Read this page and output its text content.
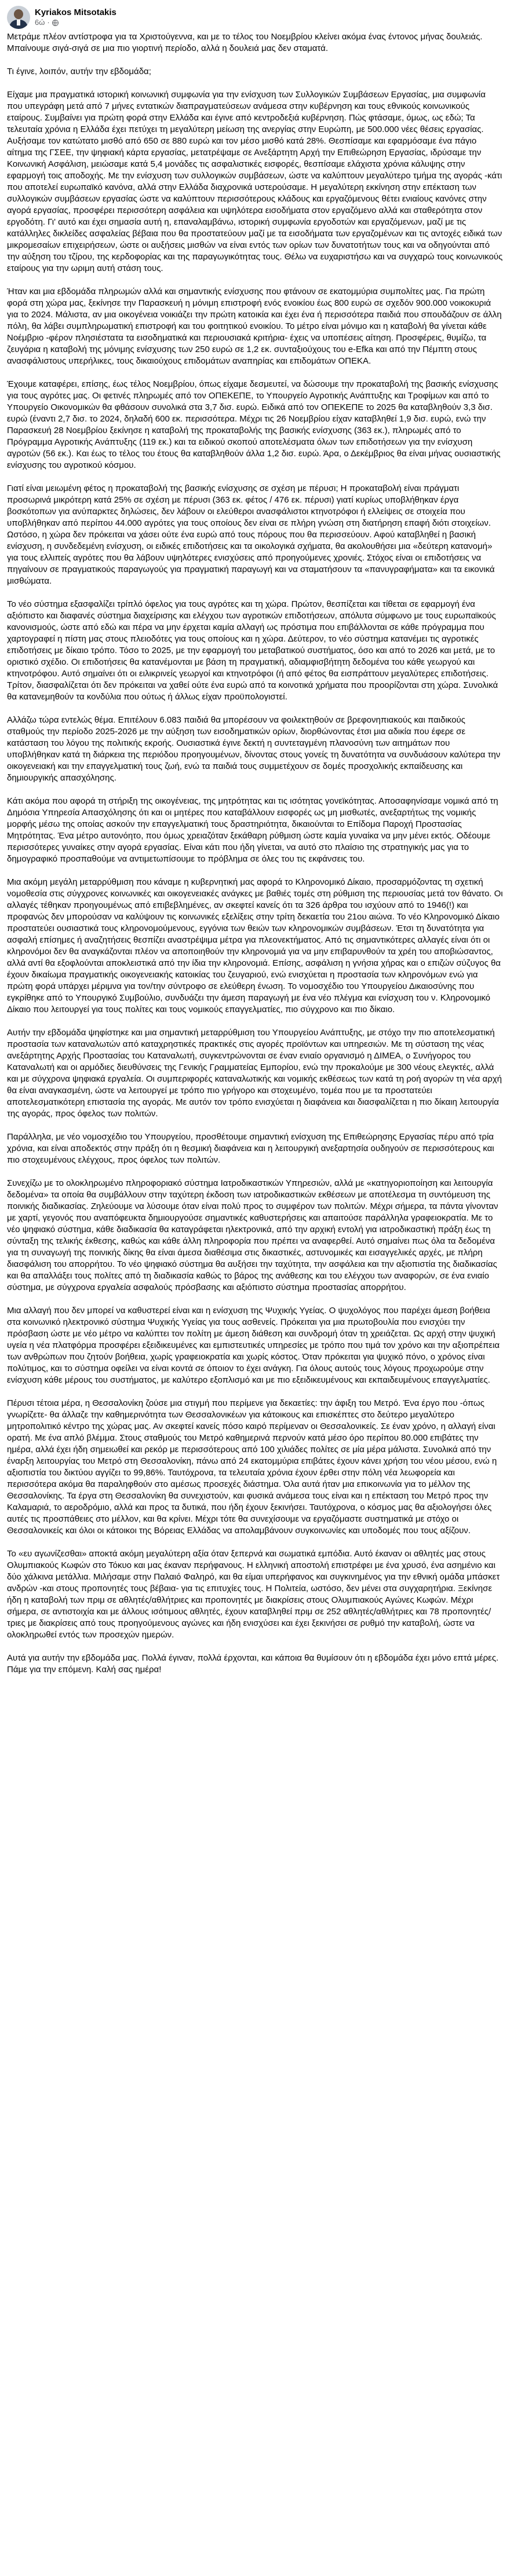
Kyriakos Mitsotakis
6ώ ·

Μετράμε πλέον αντίστροφα για τα Χριστούγεννα, και με το τέλος του Νοεμβρίου κλείνει ακόμα ένας έντονος μήνας δουλειάς. Μπαίνουμε σιγά-σιγά σε μια πιο γιορτινή περίοδο, αλλά η δουλειά μας δεν σταματά.

Τι έγινε, λοιπόν, αυτήν την εβδομάδα;

Είχαμε μια πραγματικά ιστορική κοινωνική συμφωνία για την ενίσχυση των Συλλογικών Συμβάσεων Εργασίας, μια συμφωνία που υπεγράφη μετά από 7 μήνες εντατικών διαπραγματεύσεων ανάμεσα στην κυβέρνηση και τους εθνικούς κοινωνικούς εταίρους. Συμβαίνει για πρώτη φορά στην Ελλάδα και έγινε από κεντροδεξιά κυβέρνηση. Πώς φτάσαμε, όμως, ως εδώ; Τα τελευταία χρόνια η Ελλάδα έχει πετύχει τη μεγαλύτερη μείωση της ανεργίας στην Ευρώπη, με 500.000 νέες θέσεις εργασίας. Αυξήσαμε τον κατώτατο μισθό από 650 σε 880 ευρώ και τον μέσο μισθό κατά 28%. Θεσπίσαμε και εφαρμόσαμε ένα πάγιο αίτημα της ΓΣΕΕ, την ψηφιακή κάρτα εργασίας, μετατρέψαμε σε Ανεξάρτητη Αρχή την Επιθεώρηση Εργασίας, ιδρύσαμε την Κοινωνική Ασφάλιση, μειώσαμε κατά 5,4 μονάδες τις ασφαλιστικές εισφορές, θεσπίσαμε ελάχιστα χρόνια κάλυψης στην εφαρμογή τοις αποδοχής. Με την ενίσχυση των συλλογικών συμβάσεων, ώστε να καλύπτουν μεγαλύτερο τμήμα της αγοράς -κάτι που αποτελεί ευρωπαϊκό κανόνα, αλλά στην Ελλάδα διαχρονικά υστερούσαμε. Η μεγαλύτερη εκκίνηση στην επέκταση των συλλογικών συμβάσεων εργασίας ώστε να καλύπτουν περισσότερους κλάδους και εργαζόμενους θέτει ενιαίους κανόνες στην αγορά εργασίας, προσφέρει περισσότερη ασφάλεια και υψηλότερα εισοδήματα στον εργαζόμενο αλλά και σταθερότητα στον εργοδότη. Γι' αυτό και έχει σημασία αυτή η, επαναλαμβάνω, ιστορική συμφωνία εργοδοτών και εργαζόμενων, μαζί με τις κατάλληλες δικλείδες ασφαλείας βέβαια που θα προστατεύουν μαζί με τα εισοδήματα των εργαζομένων και τις αντοχές ειδικά των μικρομεσαίων επιχειρήσεων, ώστε οι αυξήσεις μισθών να είναι εντός των ορίων των δυνατοτήτων τους και να οδηγούνται από την αύξηση του τζίρου, της κερδοφορίας και της παραγωγικότητας τους. Θέλω να ευχαριστήσω και να συγχαρώ τους κοινωνικούς εταίρους για την ωριμη αυτή στάση τους.

Ήταν και μια εβδομάδα πληρωμών αλλά και σημαντικής ενίσχυσης που φτάνουν σε εκατομμύρια συμπολίτες μας. Για πρώτη φορά στη χώρα μας, ξεκίνησε την Παρασκευή η μόνιμη επιστροφή ενός ενοικίου έως 800 ευρώ σε σχεδόν 900.000 νοικοκυριά για το 2024. Μάλιστα, αν μια οικογένεια νοικιάζει την πρώτη κατοικία και έχει ένα ή περισσότερα παιδιά που σπουδάζουν σε άλλη πόλη, θα λάβει συμπληρωματική επιστροφή και του φοιτητικού ενοικίου. Το μέτρο είναι μόνιμο και η καταβολή θα γίνεται κάθε Νοέμβριο -φέρον πλησιέστατα τα εισοδηματικά και περιουσιακά κριτήρια- έχεις να υποπέσεις αίτηση. Προσφέρεις, θυμίζω, τα ζευγάρια η καταβολή της μόνιμης ενίσχυσης των 250 ευρώ σε 1,2 εκ. συνταξιούχους του e-Efka και από την Πέμπτη στους ανασφάλιστους υπερήλικες, τους δικαιούχους επιδομάτων αναπηρίας και επιδομάτων ΟΠΕΚΑ.

Έχουμε καταφέρει, επίσης, έως τέλος Νοεμβρίου, όπως είχαμε δεσμευτεί, να δώσουμε την προκαταβολή της βασικής ενίσχυσης για τους αγρότες μας. Οι φετινές πληρωμές από τον ΟΠΕΚΕΠΕ, το Υπουργείο Αγροτικής Ανάπτυξης και Τροφίμων και από το Υπουργείο Οικονομικών θα φθάσουν συνολικά στα 3,7 δισ. ευρώ. Ειδικά από τον ΟΠΕΚΕΠΕ το 2025 θα καταβληθούν 3,3 δισ. ευρώ (έναντι 2,7 δισ. το 2024, δηλαδή 600 εκ. περισσότερα. Μέχρι τις 26 Νοεμβρίου είχαν καταβληθεί 1,9 δισ. ευρώ, ενώ την Παρασκευή 28 Νοεμβρίου ξεκίνησε η καταβολή της προκαταβολής της βασικής ενίσχυσης (363 εκ.), πληρωμές από το Πρόγραμμα Αγροτικής Ανάπτυξης (119 εκ.) και τα ειδικού σκοπού αποτελέσματα όλων των επιδοτήσεων για την ενίσχυση αγροτών (56 εκ.). Και έως το τέλος του έτους θα καταβληθούν άλλα 1,2 δισ. ευρώ. Άρα, ο Δεκέμβριος θα είναι μήνας ουσιαστικής ενίσχυσης του αγροτικού κόσμου.

Γιατί είναι μειωμένη φέτος η προκαταβολή της βασικής ενίσχυσης σε σχέση με πέρυσι; Η προκαταβολή είναι πράγματι προσωρινά μικρότερη κατά 25% σε σχέση με πέρυσι (363 εκ. φέτος / 476 εκ. πέρυσι) γιατί κυρίως υποβλήθηκαν έργα βοσκότοπων για ανύπαρκτες δηλώσεις, δεν λάβουν οι ελεύθεροι ανασφάλιστοι κτηνοτρόφοι ή ελλείψεις σε στοιχεία που υποβλήθηκαν από περίπου 44.000 αγρότες για τους οποίους δεν είναι σε πλήρη γνώση στη διατήρηση επαφή διότι στοιχείων. Ωστόσο, η χώρα δεν πρόκειται να χάσει ούτε ένα ευρώ από τους πόρους που θα περισσεύουν. Αφού καταβληθεί η βασική ενίσχυση, η συνδεδεμένη ενίσχυση, οι ειδικές επιδοτήσεις και τα οικολογικά σχήματα, θα ακολουθήσει μια «δεύτερη κατανομή» για τους ελλιπείς αγρότες που θα λάβουν υψηλότερες ενισχύσεις από προηγούμενες χρονιές. Στόχος είναι οι επιδοτήσεις να πηγαίνουν σε πραγματικούς παραγωγούς για πραγματική παραγωγή και να σταματήσουν τα «πανυγραφήματα» και τα εικονικά μισθώματα.

Το νέο σύστημα εξασφαλίζει τρίπλό όφελος για τους αγρότες και τη χώρα. Πρώτον, θεσπίζεται και τίθεται σε εφαρμογή ένα αξιόπιστο και διαφανές σύστημα διαχείρισης και ελέγχου των αγροτικών επιδοτήσεων, απόλυτα σύμφωνο με τους ευρωπαϊκούς κανονισμούς, ώστε από εδώ και πέρα να μην έρχεται καμία αλλαγή ως πρόστιμα που επιβάλλονται σε κάθε πρόγραμμα που χαρτογραφεί η πίστη μας στους πλειοδότες για τους οποίους και η χώρα. Δεύτερον, το νέο σύστημα κατανέμει τις αγροτικές επιδοτήσεις με δίκαιο τρόπο. Τόσο το 2025, με την εφαρμογή του μεταβατικού συστήματος, όσο και από το 2026 και μετά, με το οριστικό σχέδιο. Οι επιδοτήσεις θα κατανέμονται με βάση τη πραγματική, αδιαμφισβήτητη δεδομένα του κάθε γεωργού και κτηνοτρόφου. Αυτό σημαίνει ότι οι ειλικρινείς γεωργοί και κτηνοτρόφοι (ή από φέτος θα εισπράττουν μεγαλύτερες επιδοτήσεις. Τρίτον, διασφαλίζεται ότι δεν πρόκειται να χαθεί ούτε ένα ευρώ από τα κοινοτικά χρήματα που προορίζονται στη χώρα. Συνολικά θα κατανεμηθούν τα κονδύλια που ούτως ή άλλως είχαν προϋπολογιστεί.

Αλλάζω τώρα εντελώς θέμα. Επιτέλουν 6.083 παιδιά θα μπορέσουν να φοιλεκτηθούν σε βρεφονηπιακούς και παιδικούς σταθμούς την περίοδο 2025-2026 με την αύξηση των εισοδηματικών ορίων, διορθώνοντας έτσι μια αδικία που έφερε σε κατάσταση του λόγου της πολιτικής εκροής. Ουσιαστικά έγινε δεκτή η συντεταγμένη πλανοσύνη των αιτημάτων που υποβλήθηκαν κατά τη διάρκεια της περιόδου προηγουμένων, δίνοντας στους γονείς τη δυνατότητα να συνδυάσουν καλύτερα την οικογενειακή και την επαγγελματική τους ζωή, ενώ τα παιδιά τους συμμετέχουν σε δομές προσχολικής εκπαίδευσης και δημιουργικής απασχόλησης.

Κάτι ακόμα που αφορά τη στήριξη της οικογένειας, της μητρότητας και τις ισότητας γονεϊκότητας. Αποσαφηνίσαμε νομικά από τη Δημόσια Υπηρεσία Απασχόλησης ότι και οι μητέρες που καταβάλλουν εισφορές ως μη μισθωτές, ανεξαρτήτως της νομικής μορφής μέσω της οποίας ασκούν την επαγγελματική τους δραστηριότητα, δικαιούνται το Επίδομα Παροχή Προστασίας Μητρότητας. Ένα μέτρο αυτονόητο, που όμως χρειαζόταν ξεκάθαρη ρύθμιση ώστε καμία γυναίκα να μην μένει εκτός. Οδέουμε περισσότερες γυναίκες στην αγορά εργασίας. Είναι κάτι που ήδη γίνεται, να αυτό στο πλαίσιο της στρατηγικής μας για το δημογραφικό προσπαθούμε να αντιμετωπίσουμε το πρόβλημα σε όλες του τις εκφάνσεις του.

Μια ακόμη μεγάλη μεταρρύθμιση που κάναμε η κυβερνητική μας αφορά το Κληρονομικό Δίκαιο, προσαρμόζοντας τη σχετική νομοθεσία στις σύγχρονες κοινωνικές και οικογενειακές ανάγκες με βαθιές τομές στη ρύθμιση της περιουσίας μετά τον θάνατο. Οι αλλαγές τέθηκαν προηγουμένως από επιβεβλημένες, αν σκεφτεί κανείς ότι τα 326 άρθρα του ισχύουν από το 1946(!) και προφανώς δεν μπορούσαν να καλύψουν τις κοινωνικές εξελίξεις στην τρίτη δεκαετία του 21ου αιώνα. Το νέο Κληρονομικό Δίκαιο προστατεύει ουσιαστικά τους κληρονομούμενους, εγγόνια των θειών των κληρονομικών συμβάσεων. Έτσι τη δυνατότητα για ασφαλή επίσημες ή αναζητήσεις θεσπίζει αναστρέψιμα μέτρα για πλεονεκτήματος. Από τις σημαντικότερες αλλαγές είναι ότι οι κληρονόμοι δεν θα αναγκάζονται πλέον να αποποιηθούν την κληρονομιά για να μην επιβαρυνθούν τα χρέη του αποβιώσαντος, αλλά αντί θα εξοφλούνται αποκλειστικά από την ίδια την κληρονομιά. Επίσης, ασφάλιση η γνήσια χήρας και ο επιζών σύζυγος θα έχουν δικαίωμα πραγματικής οικογενειακής κατοικίας του ζευγαριού, ενώ ενισχύεται η προστασία των κληρονόμων ενώ για πρώτη φορά υπάρχει μέριμνα για τον/την σύντροφο σε ελεύθερη ένωση. Το νομοσχέδιο του Υπουργείου Δικαιοσύνης που εγκρίθηκε από το Υπουργικό Συμβούλιο, συνδυάζει την άμεση παραγωγή με ένα νέο πλέγμα και ενίσχυση του ν. Κληρονομικό Δίκαιο που λειτουργεί για τους πολίτες και τους νομικούς επαγγελματίες, πιο σύγχρονο και πιο δίκαιο.

Αυτήν την εβδομάδα ψηφίστηκε και μια σημαντική μεταρρύθμιση του Υπουργείου Ανάπτυξης, με στόχο την πιο αποτελεσματική προστασία των καταναλωτών από καταχρηστικές πρακτικές στις αγορές προϊόντων και υπηρεσιών. Με τη σύσταση της νέας ανεξάρτητης Αρχής Προστασίας του Καταναλωτή, συγκεντρώνονται σε έναν ενιαίο οργανισμό η ΔΙΜΕΑ, ο Συνήγορος του Καταναλωτή και οι αρμόδιες διευθύνσεις της Γενικής Γραμματείας Εμπορίου, ενώ την προκαλούμε με 300 νέους ελεγκτές, αλλά και με σύγχρονα ψηφιακά εργαλεία. Οι συμπεριφορές καταναλωτικής και νομικής εκθέσεως των κατά τη ροή αγορών τη νέα αρχή θα είναι αναγκασμένη, ώστε να λειτουργεί με τρόπο πιο γρήγορο και στοχευμένο, τομέα που με τα προστατεύει αποτελεσματικότερη επιστασία της αγοράς. Με αυτόν τον τρόπο ενισχύεται η διαφάνεια και διασφαλίζεται η πιο δίκαιη λειτουργία της αγοράς, προς όφελος των πολιτών.

Παράλληλα, με νέο νομοσχέδιο του Υπουργείου, προσθέτουμε σημαντική ενίσχυση της Επιθεώρησης Εργασίας πέρυ από τρία χρόνια, και είναι αποδεκτός στην πράξη ότι η θεσμική διαφάνεια και η λειτουργική ανεξαρτησία ουδηγούν σε περισσότερους και πιο στοχευμένους ελέγχους, προς όφελος των πολιτών.

Συνεχίζω με το ολοκληρωμένο πληροφοριακό σύστημα Ιατροδικαστικών Υπηρεσιών, αλλά με «κατηγοριοποίηση και λειτουργία δεδομένα» τα οποία θα συμβάλλουν στην ταχύτερη έκδοση των ιατροδικαστικών εκθέσεων με αποτέλεσμα τη συντόμευση της ποινικής διαδικασίας. Ζηλεύουμε να λύσουμε όταν είναι πολύ προς το συμφέρον των πολιτών. Μέχρι σήμερα, τα πάντα γίνονταν με χαρτί, γεγονός που αναπόφευκτα δημιουργούσε σημαντικές καθυστερήσεις και απαιτούσε παράλληλα γραφειοκρατία. Με το νέο ψηφιακό σύστημα, κάθε διαδικασία θα καταγράφεται ηλεκτρονικά, από την αρχική εντολή για ιατροδικαστική πράξη έως τη σύνταξη της τελικής έκθεσης, καθώς και κάθε άλλη πληροφορία που πρέπει να αναφερθεί. Αυτό σημαίνει πως όλα τα δεδομένα για τη συναγωγή της ποινικής δίκης θα είναι άμεσα διαθέσιμα στις δικαστικές, αστυνομικές και εισαγγελικές αρχές, με πλήρη διασφάλιση του απορρήτου. Το νέο ψηφιακό σύστημα θα αυξήσει την ταχύτητα, την ασφάλεια και την αξιοπιστία της διαδικασίας και θα απαλλάξει τους πολίτες από τη διαδικασία καθώς το βάρος της ανάθεσης και του ελέγχου των αναφορών, σε ένα ενιαίο σύστημα, με σύγχρονα εργαλεία ασφαλούς πρόσβασης και αξιόπιστο σύστημα προστασίας απορρήτου.

Μια αλλαγή που δεν μπορεί να καθυστερεί είναι και η ενίσχυση της Ψυχικής Υγείας. Ο ψυχολόγος που παρέχει άμεση βοήθεια στα κοινωνικό ηλεκτρονικό σύστημα Ψυχικής Υγείας για τους ασθενείς. Πρόκειται για μια πρωτοβουλία που ενισχύει την πρόσβαση ώστε με νέο μέτρο να καλύπτει τον πολίτη με άμεση διάθεση και συνδρομή όταν τη χρειάζεται. Ως αρχή στην ψυχική υγεία η νέα πλατφόρμα προσφέρει εξειδικευμένες και εμπιστευτικές υπηρεσίες με τρόπο που τιμά τον χρόνο και την αξιοπρέπεια των ανθρώπων που ζητούν βοήθεια, χωρίς γραφειοκρατία και χωρίς κόστος. Όταν πρόκειται για ψυχικό πόνο, ο χρόνος είναι πολύτιμος, και το σύστημα οφείλει να είναι κοντά σε όποιον το έχει ανάγκη. Για όλους αυτούς τους λόγους προχωρούμε στην ενίσχυση κάθε μέρους του συστήματος, με καλύτερο εξοπλισμό και με πιο εξειδικευμένους και εκπαιδευμένους επαγγελματίες.

Πέρυσι τέτοια μέρα, η Θεσσαλονίκη ζούσε μια στιγμή που περίμενε για δεκαετίες: την άφιξη του Μετρό. Ένα έργο που -όπως γνωρίζετε- θα άλλαζε την καθημερινότητα των Θεσσαλονικέων για κάτοικους και επισκέπτες στο δεύτερο μεγαλύτερο μητροπολιτικό κέντρο της χώρας μας. Αν σκεφτεί κανείς πόσο καιρό περίμεναν οι Θεσσαλονικείς. Σε έναν χρόνο, η αλλαγή είναι ορατή. Με ένα απλό βλέμμα. Στους σταθμούς του Μετρό καθημερινά περνούν κατά μέσο όρο περίπου 80.000 επιβάτες την ημέρα, αλλά έχει ήδη σημειωθεί και ρεκόρ με περισσότερους από 100 χιλιάδες πολίτες σε μία μέρα μάλιστα. Συνολικά από την έναρξη λειτουργίας του Μετρό στη Θεσσαλονίκη, πάνω από 24 εκατομμύρια επιβάτες έχουν κάνει χρήση του νέου μέσου, ενώ η αξιοπιστία του δικτύου αγγίζει το 99,86%. Ταυτόχρονα, τα τελευταία χρόνια έχουν έρθει στην πόλη νέα λεωφορεία και περισσότερα ακόμα θα παραληφθούν στο αμέσως προσεχές διάστημα. Όλα αυτά ήταν μια επικοινωνία για το μέλλον της Θεσσαλονίκης. Τα έργα στη Θεσσαλονίκη θα συνεχιστούν, και φυσικά ανάμεσα τους είναι και η επέκταση του Μετρό προς την Καλαμαριά, το αεροδρόμιο, αλλά και προς τα δυτικά, που ήδη έχουν ξεκινήσει. Ταυτόχρονα, ο κόσμος μας θα αξιολογήσει όλες αυτές τις προσπάθειες στο μέλλον, και θα κρίνει. Μέχρι τότε θα συνεχίσουμε να εργαζόμαστε συστηματικά με στόχο οι Θεσσαλονικείς και όλοι οι κάτοικοι της Βόρειας Ελλάδας να απολαμβάνουν συγκοινωνίες και υποδομές που τους αξίζουν.

Το «ευ αγωνίζεσθαι» αποκτά ακόμη μεγαλύτερη αξία όταν ξεπερνά και σωματικά εμπόδια. Αυτό έκαναν οι αθλητές μας στους Ολυμπιακούς Κωφών στο Τόκυο και μας έκαναν περήφανους. Η ελληνική αποστολή επιστρέφει με ένα χρυσό, ένα ασημένιο και δύο χάλκινα μετάλλια. Μιλήσαμε στην Παλαιό Φαληρό, και θα είμαι υπερήφανος και συγκινημένος για την εθνική ομάδα μπάσκετ ανδρών -και στους προπονητές τους βέβαια- για τις επιτυχίες τους. Η Πολιτεία, ωστόσο, δεν μένει στα συγχαρητήρια. Ξεκίνησε ήδη η καταβολή των πριμ σε αθλητές/αθλήτριες και προπονητές με διακρίσεις στους Ολυμπιακούς Αγώνες Κωφών. Μέχρι σήμερα, σε αντιστοιχία και με άλλους ισότιμους αθλητές, έχουν καταβληθεί πριμ σε 252 αθλητές/αθλήτριες και 78 προπονητές/τριες με διακρίσεις από τους προηγούμενους αγώνες και ήδη ενισχύσει και έχει ξεκινήσει σε ρυθμό την καταβολή, ώστε να ολοκληρωθεί εντός των προσεχών ημερών.

Αυτά για αυτήν την εβδομάδα μας. Πολλά έγιναν, πολλά έρχονται, και κάποια θα θυμίσουν ότι η εβδομάδα έχει μόνο επτά μέρες. Πάμε για την επόμενη. Καλή σας ημέρα!
